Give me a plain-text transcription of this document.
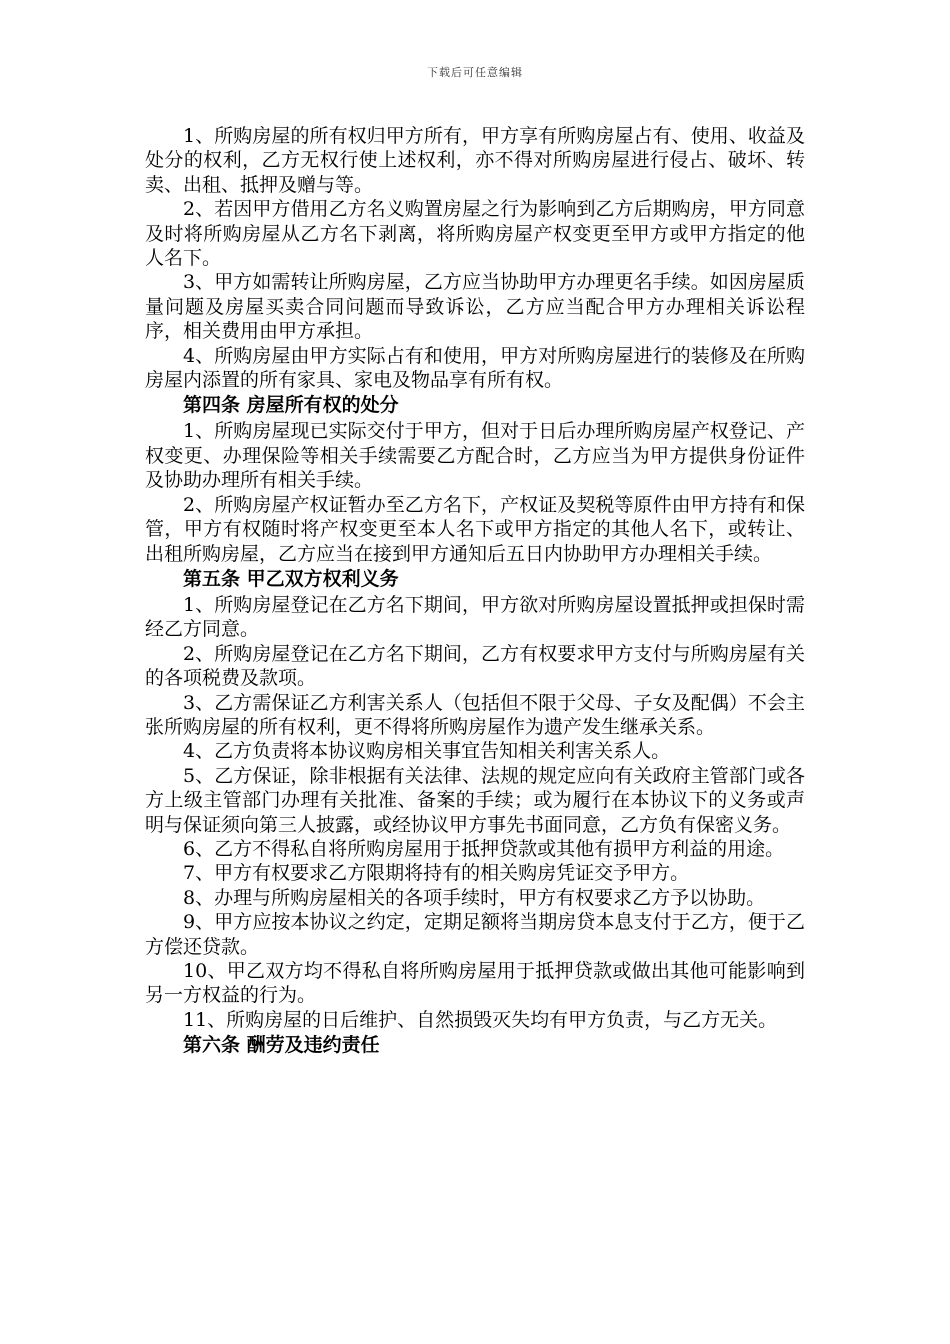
下载后可任意编辑

1、所购房屋的所有权归甲方所有，甲方享有所购房屋占有、使用、收益及处分的权利，乙方无权行使上述权利，亦不得对所购房屋进行侵占、破坏、转卖、出租、抵押及赠与等。

2、若因甲方借用乙方名义购置房屋之行为影响到乙方后期购房，甲方同意及时将所购房屋从乙方名下剥离，将所购房屋产权变更至甲方或甲方指定的他人名下。

3、甲方如需转让所购房屋，乙方应当协助甲方办理更名手续。如因房屋质量问题及房屋买卖合同问题而导致诉讼，乙方应当配合甲方办理相关诉讼程序，相关费用由甲方承担。

4、所购房屋由甲方实际占有和使用，甲方对所购房屋进行的装修及在所购房屋内添置的所有家具、家电及物品享有所有权。

第四条 房屋所有权的处分

1、所购房屋现已实际交付于甲方，但对于日后办理所购房屋产权登记、产权变更、办理保险等相关手续需要乙方配合时，乙方应当为甲方提供身份证件及协助办理所有相关手续。

2、所购房屋产权证暂办至乙方名下，产权证及契税等原件由甲方持有和保管，甲方有权随时将产权变更至本人名下或甲方指定的其他人名下，或转让、出租所购房屋，乙方应当在接到甲方通知后五日内协助甲方办理相关手续。

第五条 甲乙双方权利义务

1、所购房屋登记在乙方名下期间，甲方欲对所购房屋设置抵押或担保时需经乙方同意。

2、所购房屋登记在乙方名下期间，乙方有权要求甲方支付与所购房屋有关的各项税费及款项。

3、乙方需保证乙方利害关系人（包括但不限于父母、子女及配偶）不会主张所购房屋的所有权利，更不得将所购房屋作为遗产发生继承关系。

4、乙方负责将本协议购房相关事宜告知相关利害关系人。

5、乙方保证，除非根据有关法律、法规的规定应向有关政府主管部门或各方上级主管部门办理有关批准、备案的手续；或为履行在本协议下的义务或声明与保证须向第三人披露，或经协议甲方事先书面同意，乙方负有保密义务。

6、乙方不得私自将所购房屋用于抵押贷款或其他有损甲方利益的用途。

7、甲方有权要求乙方限期将持有的相关购房凭证交予甲方。

8、办理与所购房屋相关的各项手续时，甲方有权要求乙方予以协助。

9、甲方应按本协议之约定，定期足额将当期房贷本息支付于乙方，便于乙方偿还贷款。

10、甲乙双方均不得私自将所购房屋用于抵押贷款或做出其他可能影响到另一方权益的行为。

11、所购房屋的日后维护、自然损毁灭失均有甲方负责，与乙方无关。

第六条 酬劳及违约责任
